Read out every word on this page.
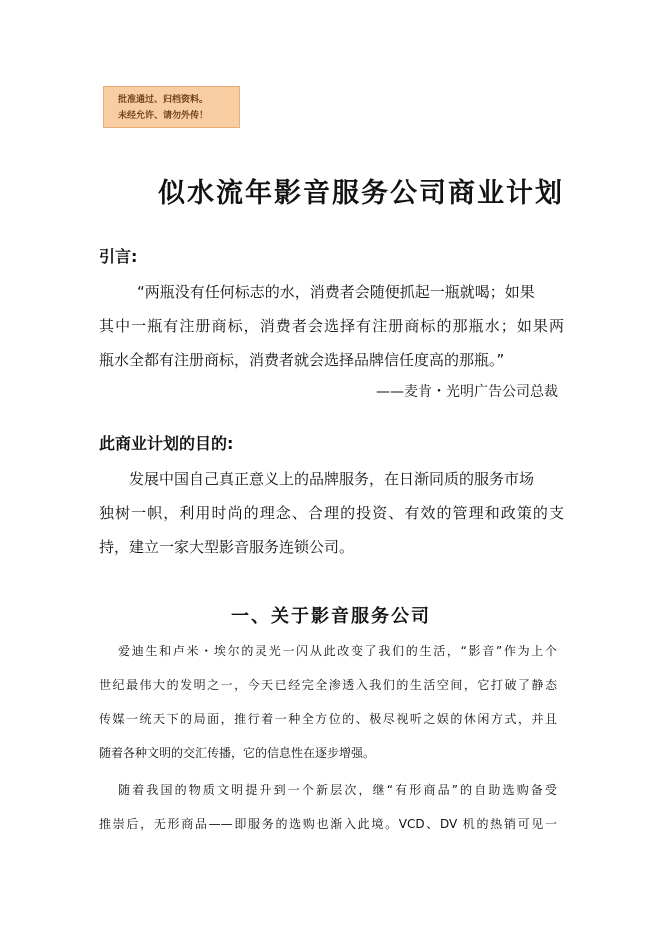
批准通过、归档资料。
未经允许、请勿外传！
似水流年影音服务公司商业计划
引言:
“两瓶没有任何标志的水，消费者会随便抓起一瓶就喝；如果
其中一瓶有注册商标，消费者会选择有注册商标的那瓶水；如果两
瓶水全都有注册商标，消费者就会选择品牌信任度高的那瓶。”
——麦肯・光明广告公司总裁
此商业计划的目的:
发展中国自己真正意义上的品牌服务，在日渐同质的服务市场
独树一帜，利用时尚的理念、合理的投资、有效的管理和政策的支
持，建立一家大型影音服务连锁公司。
一、关于影音服务公司
爱迪生和卢米・埃尔的灵光一闪从此改变了我们的生活，“影音”作为上个
世纪最伟大的发明之一，今天已经完全渗透入我们的生活空间，它打破了静态
传媒一统天下的局面，推行着一种全方位的、极尽视听之娱的休闲方式，并且
随着各种文明的交汇传播，它的信息性在逐步增强。
随着我国的物质文明提升到一个新层次，继“有形商品”的自助选购备受
推崇后，无形商品——即服务的选购也渐入此境。VCD、DV 机的热销可见一
